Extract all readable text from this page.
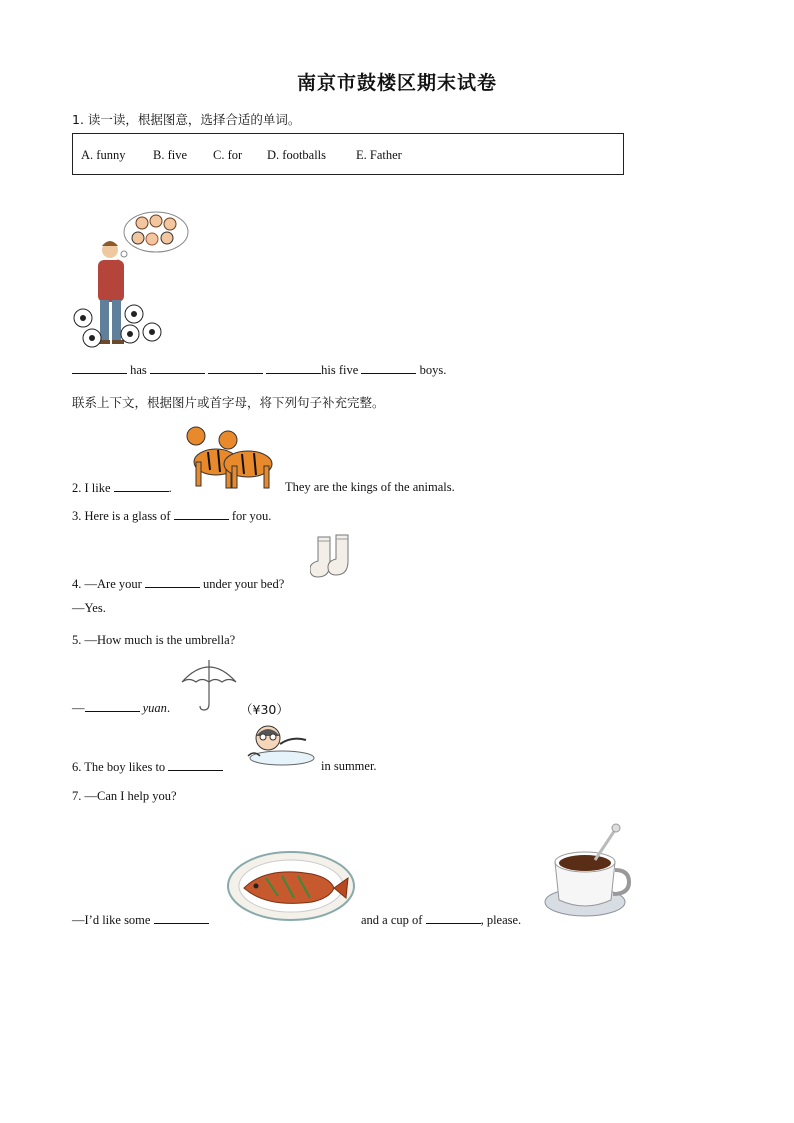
南京市鼓楼区期末试卷
1. 读一读，根据图意，选择合适的单词。
A. funny B. five C. for D. footballs E. Father
has	his five	boys.
联系上下文，根据图片或首字母，将下列句子补充完整。
2. I like	.	They are the kings of the animals.
3. Here is a glass of	for you.
4. —Are your	under your bed?
—Yes.
5. —How much is the umbrella?
—	yuan.	（¥30）
6. The boy likes to	in summer.
7. —Can I help you?
—I’d like some	and a cup of	, please.
